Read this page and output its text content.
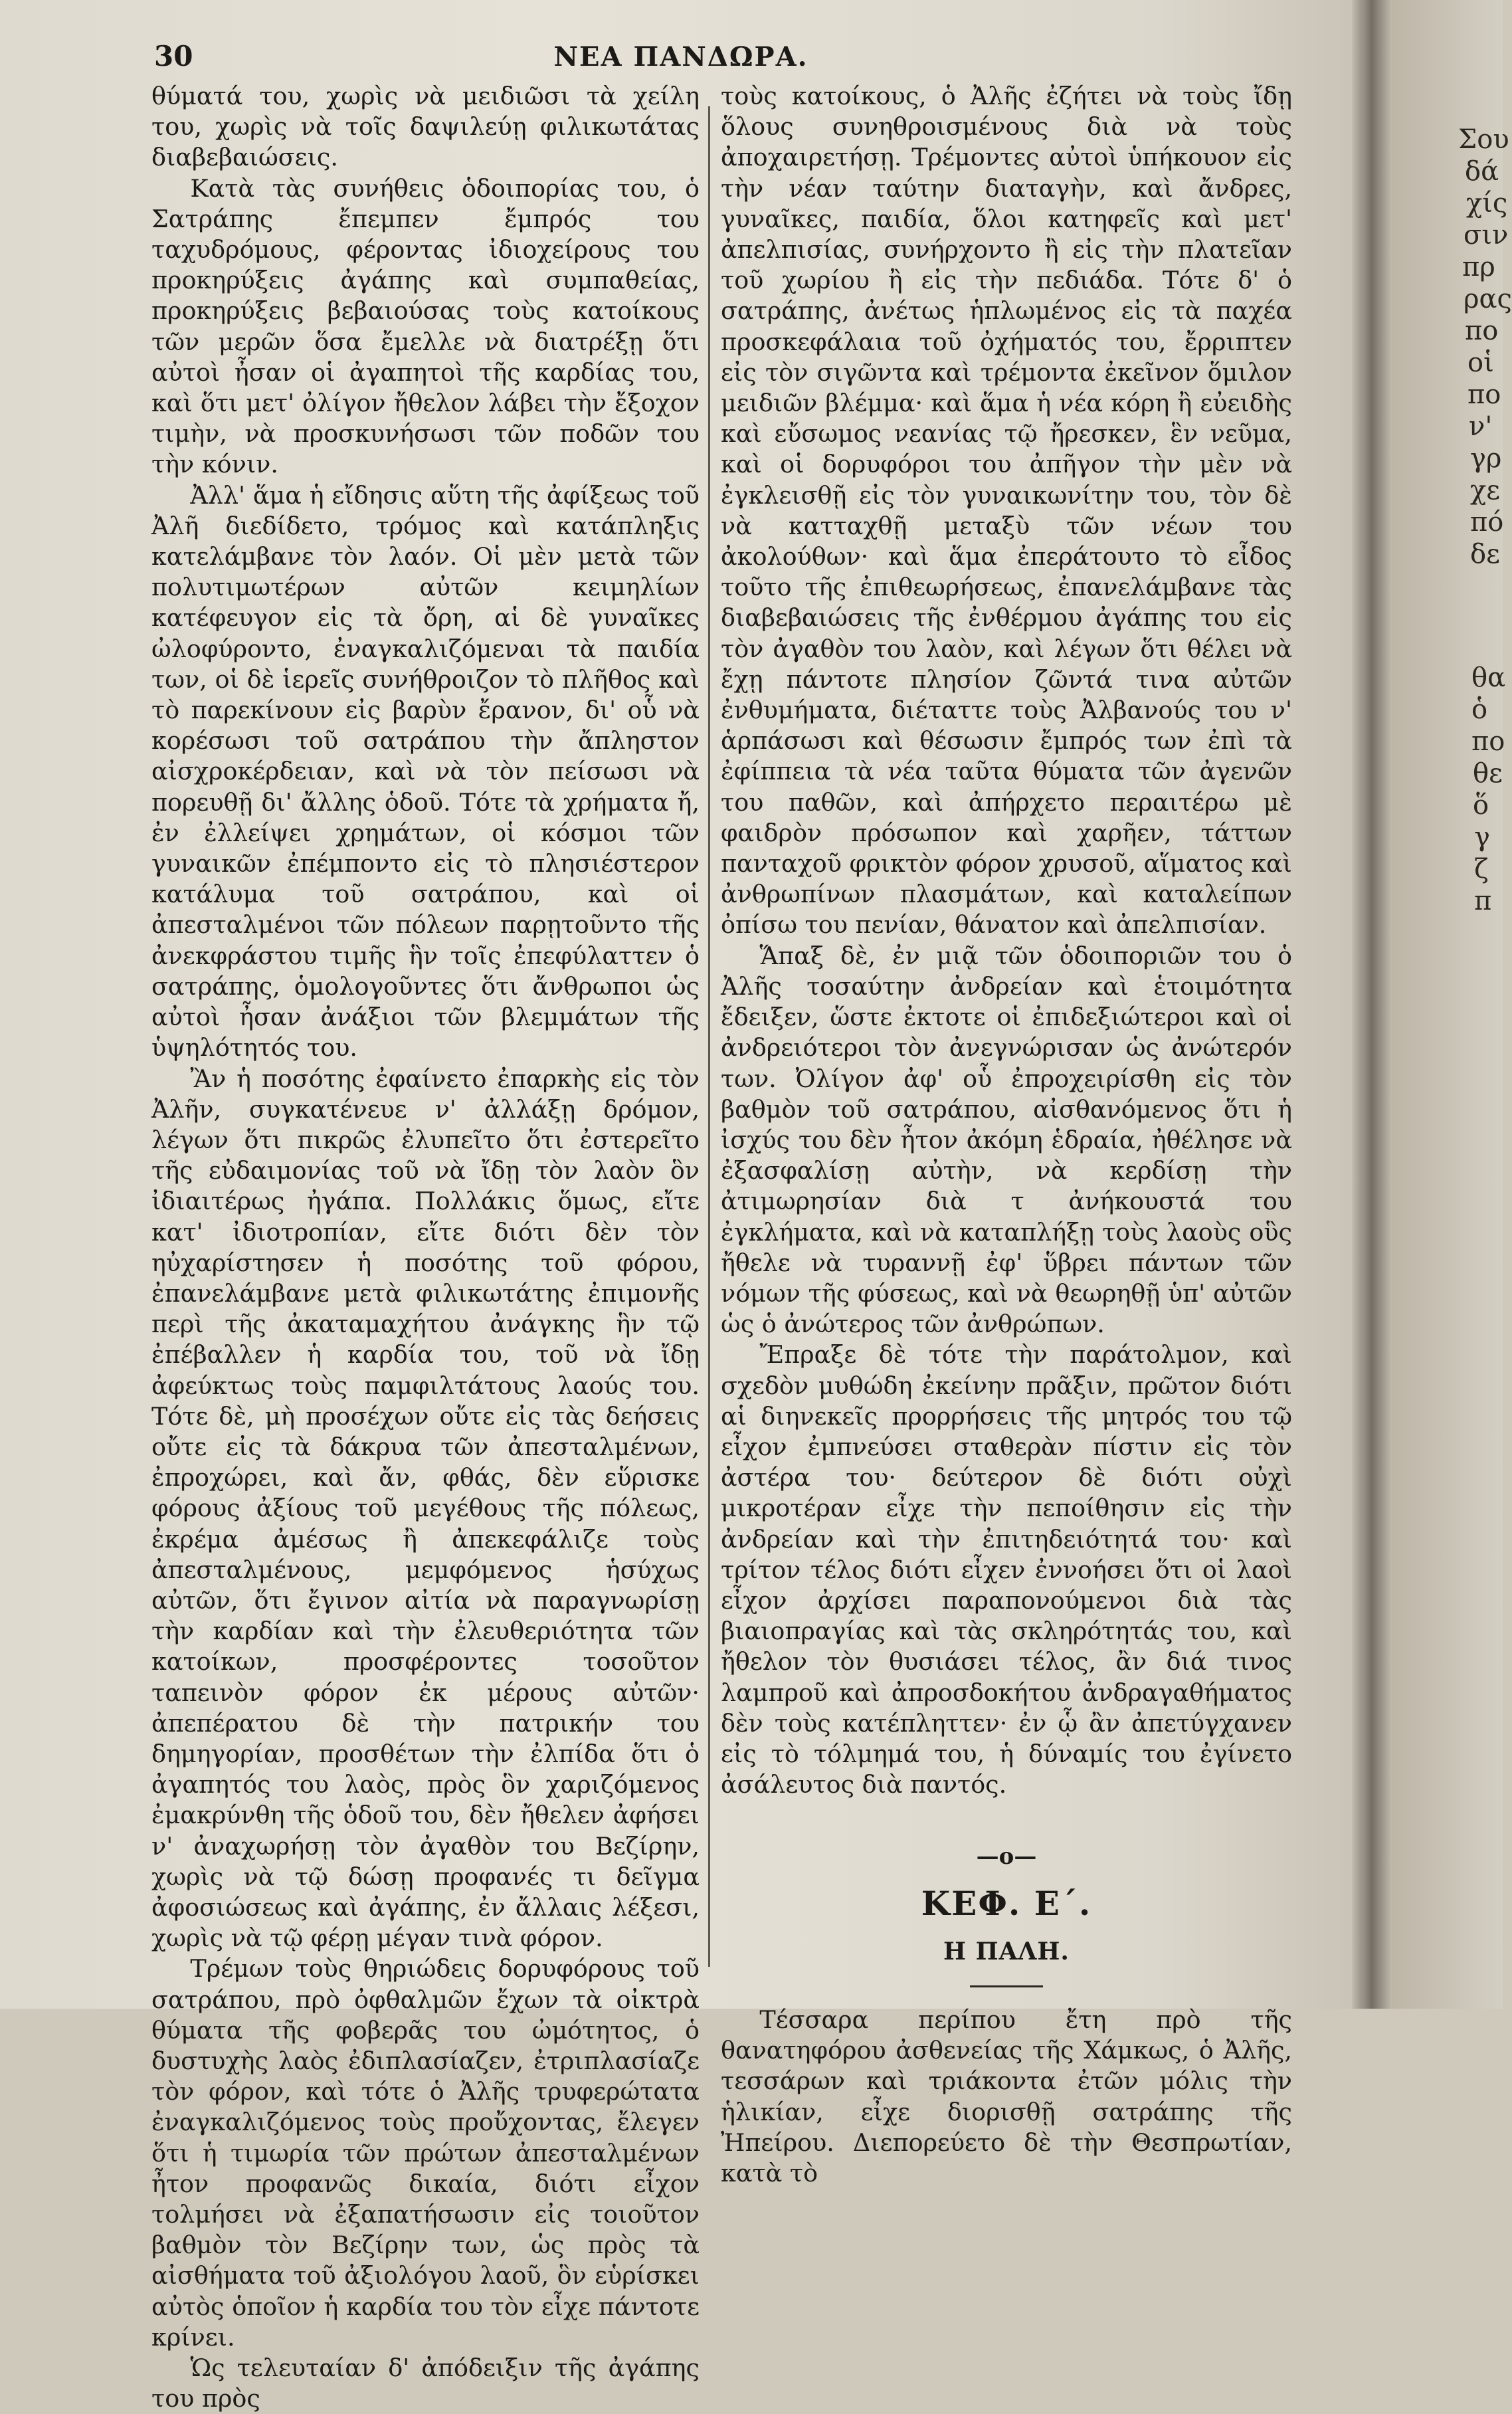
30	ΝΕΑ ΠΑΝΔΩΡΑ.

θύματά του, χωρὶς νὰ μειδιῶσι τὰ χείλη του, χωρὶς νὰ τοῖς δαψιλεύῃ φιλικωτάτας διαβεβαιώσεις.

Κατὰ τὰς συνήθεις ὁδοιπορίας του, ὁ Σατράπης ἔπεμπεν ἔμπρός του ταχυδρόμους, φέροντας ἰδιοχείρους του προκηρύξεις ἀγάπης καὶ συμπαθείας, προκηρύξεις βεβαιούσας τοὺς κατοίκους τῶν μερῶν ὅσα ἔμελλε νὰ διατρέξῃ ὅτι αὐτοὶ ἦσαν οἱ ἀγαπητοὶ τῆς καρδίας του, καὶ ὅτι μετ' ὀλίγον ἤθελον λάβει τὴν ἔξοχον τιμὴν, νὰ προσκυνήσωσι τῶν ποδῶν του τὴν κόνιν.

Ἀλλ' ἅμα ἡ εἴδησις αὕτη τῆς ἀφίξεως τοῦ Ἀλῆ διεδίδετο, τρόμος καὶ κατάπληξις κατελάμβανε τὸν λαόν. Οἱ μὲν μετὰ τῶν πολυτιμωτέρων αὐτῶν κειμηλίων κατέφευγον εἰς τὰ ὄρη, αἱ δὲ γυναῖκες ὠλοφύροντο, ἐναγκαλιζόμεναι τὰ παιδία των, οἱ δὲ ἱερεῖς συνήθροιζον τὸ πλῆθος καὶ τὸ παρεκίνουν εἰς βαρὺν ἔρανον, δι' οὗ νὰ κορέσωσι τοῦ σατράπου τὴν ἄπληστον αἰσχροκέρδειαν, καὶ νὰ τὸν πείσωσι νὰ πορευθῇ δι' ἄλλης ὁδοῦ. Τότε τὰ χρήματα ἤ, ἐν ἐλλείψει χρημάτων, οἱ κόσμοι τῶν γυναικῶν ἐπέμποντο εἰς τὸ πλησιέστερον κατάλυμα τοῦ σατράπου, καὶ οἱ ἀπεσταλμένοι τῶν πόλεων παρῃτοῦντο τῆς ἀνεκφράστου τιμῆς ἣν τοῖς ἐπεφύλαττεν ὁ σατράπης, ὁμολογοῦντες ὅτι ἄνθρωποι ὡς αὐτοὶ ἦσαν ἀνάξιοι τῶν βλεμμάτων τῆς ὑψηλότητός του.

Ἂν ἡ ποσότης ἐφαίνετο ἐπαρκὴς εἰς τὸν Ἀλῆν, συγκατένευε ν' ἀλλάξῃ δρόμον, λέγων ὅτι πικρῶς ἐλυπεῖτο ὅτι ἐστερεῖτο τῆς εὐδαιμονίας τοῦ νὰ ἴδῃ τὸν λαὸν ὃν ἰδιαιτέρως ἠγάπα. Πολλάκις ὅμως, εἴτε κατ' ἰδιοτροπίαν, εἴτε διότι δὲν τὸν ηὐχαρίστησεν ἡ ποσότης τοῦ φόρου, ἐπανελάμβανε μετὰ φιλικωτάτης ἐπιμονῆς περὶ τῆς ἀκαταμαχήτου ἀνάγκης ἣν τῷ ἐπέβαλλεν ἡ καρδία του, τοῦ νὰ ἴδῃ ἀφεύκτως τοὺς παμφιλτάτους λαούς του. Τότε δὲ, μὴ προσέχων οὔτε εἰς τὰς δεήσεις οὔτε εἰς τὰ δάκρυα τῶν ἀπεσταλμένων, ἐπροχώρει, καὶ ἄν, φθάς, δὲν εὕρισκε φόρους ἀξίους τοῦ μεγέθους τῆς πόλεως, ἐκρέμα ἀμέσως ἢ ἀπεκεφάλιζε τοὺς ἀπεσταλμένους, μεμφόμενος ἡσύχως αὐτῶν, ὅτι ἔγινον αἰτία νὰ παραγνωρίσῃ τὴν καρδίαν καὶ τὴν ἐλευθεριότητα τῶν κατοίκων, προσφέροντες τοσοῦτον ταπεινὸν φόρον ἐκ μέρους αὐτῶν· ἀπεπέρατου δὲ τὴν πατρικήν του δημηγορίαν, προσθέτων τὴν ἐλπίδα ὅτι ὁ ἀγαπητός του λαὸς, πρὸς ὃν χαριζόμενος ἐμακρύνθη τῆς ὁδοῦ του, δὲν ἤθελεν ἀφήσει ν' ἀναχωρήσῃ τὸν ἀγαθὸν του Βεζίρην, χωρὶς νὰ τῷ δώσῃ προφανές τι δεῖγμα ἀφοσιώσεως καὶ ἀγάπης, ἐν ἄλλαις λέξεσι, χωρὶς νὰ τῷ φέρῃ μέγαν τινὰ φόρον.

Τρέμων τοὺς θηριώδεις δορυφόρους τοῦ σατράπου, πρὸ ὀφθαλμῶν ἔχων τὰ οἰκτρὰ θύματα τῆς φοβερᾶς του ὠμότητος, ὁ δυστυχὴς λαὸς ἐδιπλασίαζεν, ἐτριπλασίαζε τὸν φόρον, καὶ τότε ὁ Ἀλῆς τρυφερώτατα ἐναγκαλιζόμενος τοὺς προὔχοντας, ἔλεγεν ὅτι ἡ τιμωρία τῶν πρώτων ἀπεσταλμένων ἦτον προφανῶς δικαία, διότι εἶχον τολμήσει νὰ ἐξαπατήσωσιν εἰς τοιοῦτον βαθμὸν τὸν Βεζίρην των, ὡς πρὸς τὰ αἰσθήματα τοῦ ἀξιολόγου λαοῦ, ὃν εὑρίσκει αὐτὸς ὁποῖον ἡ καρδία του τὸν εἶχε πάντοτε κρίνει.

Ὡς τελευταίαν δ' ἀπόδειξιν τῆς ἀγάπης του πρὸς

τοὺς κατοίκους, ὁ Ἀλῆς ἐζήτει νὰ τοὺς ἴδῃ ὅλους συνηθροισμένους διὰ νὰ τοὺς ἀποχαιρετήσῃ. Τρέμοντες αὐτοὶ ὑπήκουον εἰς τὴν νέαν ταύτην διαταγὴν, καὶ ἄνδρες, γυναῖκες, παιδία, ὅλοι κατηφεῖς καὶ μετ' ἀπελπισίας, συνήρχοντο ἢ εἰς τὴν πλατεῖαν τοῦ χωρίου ἢ εἰς τὴν πεδιάδα. Τότε δ' ὁ σατράπης, ἀνέτως ἡπλωμένος εἰς τὰ παχέα προσκεφάλαια τοῦ ὀχήματός του, ἔρριπτεν εἰς τὸν σιγῶντα καὶ τρέμοντα ἐκεῖνον ὅμιλον μειδιῶν βλέμμα· καὶ ἅμα ἡ νέα κόρη ἢ εὐειδὴς καὶ εὔσωμος νεανίας τῷ ἤρεσκεν, ἓν νεῦμα, καὶ οἱ δορυφόροι του ἀπῆγον τὴν μὲν νὰ ἐγκλεισθῇ εἰς τὸν γυναικωνίτην του, τὸν δὲ νὰ κατταχθῇ μεταξὺ τῶν νέων του ἀκολούθων· καὶ ἅμα ἐπεράτουτο τὸ εἶδος τοῦτο τῆς ἐπιθεωρήσεως, ἐπανελάμβανε τὰς διαβεβαιώσεις τῆς ἐνθέρμου ἀγάπης του εἰς τὸν ἀγαθὸν του λαὸν, καὶ λέγων ὅτι θέλει νὰ ἔχῃ πάντοτε πλησίον ζῶντά τινα αὐτῶν ἐνθυμήματα, διέταττε τοὺς Ἀλβανούς του ν' ἁρπάσωσι καὶ θέσωσιν ἔμπρός των ἐπὶ τὰ ἐφίππεια τὰ νέα ταῦτα θύματα τῶν ἀγενῶν του παθῶν, καὶ ἀπήρχετο περαιτέρω μὲ φαιδρὸν πρόσωπον καὶ χαρῆεν, τάττων πανταχοῦ φρικτὸν φόρον χρυσοῦ, αἵματος καὶ ἀνθρωπίνων πλασμάτων, καὶ καταλείπων ὀπίσω του πενίαν, θάνατον καὶ ἀπελπισίαν.

Ἅπαξ δὲ, ἐν μιᾷ τῶν ὁδοιποριῶν του ὁ Ἀλῆς τοσαύτην ἀνδρείαν καὶ ἑτοιμότητα ἔδειξεν, ὥστε ἐκτοτε οἱ ἐπιδεξιώτεροι καὶ οἱ ἀνδρειότεροι τὸν ἀνεγνώρισαν ὡς ἀνώτερόν των. Ὀλίγον ἀφ' οὗ ἐπροχειρίσθη εἰς τὸν βαθμὸν τοῦ σατράπου, αἰσθανόμενος ὅτι ἡ ἰσχύς του δὲν ἦτον ἀκόμη ἑδραία, ἠθέλησε νὰ ἐξασφαλίσῃ αὐτὴν, νὰ κερδίσῃ τὴν ἀτιμωρησίαν διὰ τ ἀνήκουστά του ἐγκλήματα, καὶ νὰ καταπλήξῃ τοὺς λαοὺς οὓς ἤθελε νὰ τυραννῇ ἐφ' ὕβρει πάντων τῶν νόμων τῆς φύσεως, καὶ νὰ θεωρηθῇ ὑπ' αὐτῶν ὡς ὁ ἀνώτερος τῶν ἀνθρώπων.

Ἔπραξε δὲ τότε τὴν παράτολμον, καὶ σχεδὸν μυθώδη ἐκείνην πρᾶξιν, πρῶτον διότι αἱ διηνεκεῖς προρρήσεις τῆς μητρός του τῷ εἶχον ἐμπνεύσει σταθερὰν πίστιν εἰς τὸν ἀστέρα του· δεύτερον δὲ διότι οὐχὶ μικροτέραν εἶχε τὴν πεποίθησιν εἰς τὴν ἀνδρείαν καὶ τὴν ἐπιτηδειότητά του· καὶ τρίτον τέλος διότι εἶχεν ἐννοήσει ὅτι οἱ λαοὶ εἶχον ἀρχίσει παραπονούμενοι διὰ τὰς βιαιοπραγίας καὶ τὰς σκληρότητάς του, καὶ ἤθελον τὸν θυσιάσει τέλος, ἂν διά τινος λαμπροῦ καὶ ἀπροσδοκήτου ἀνδραγαθήματος δὲν τοὺς κατέπληττεν· ἐν ᾧ ἂν ἀπετύγχανεν εἰς τὸ τόλμημά του, ἡ δύναμίς του ἐγίνετο ἀσάλευτος διὰ παντός.

—o—
ΚΕΦ. Ε΄.
Η ΠΑΛΗ.

Τέσσαρα περίπου ἔτη πρὸ τῆς θανατηφόρου ἀσθενείας τῆς Χάμκως, ὁ Ἀλῆς, τεσσάρων καὶ τριάκοντα ἐτῶν μόλις τὴν ἡλικίαν, εἶχε διορισθῇ σατράπης τῆς Ἠπείρου. Διεπορεύετο δὲ τὴν Θεσπρωτίαν, κατὰ τὸ

Σου
δά
χίς
σιν
πρ
ρας
πο
οἱ
πο
ν'
γρ
χε
πό
δε
θα
ὁ
πο
θε
ὅ
γ
ζ
π
